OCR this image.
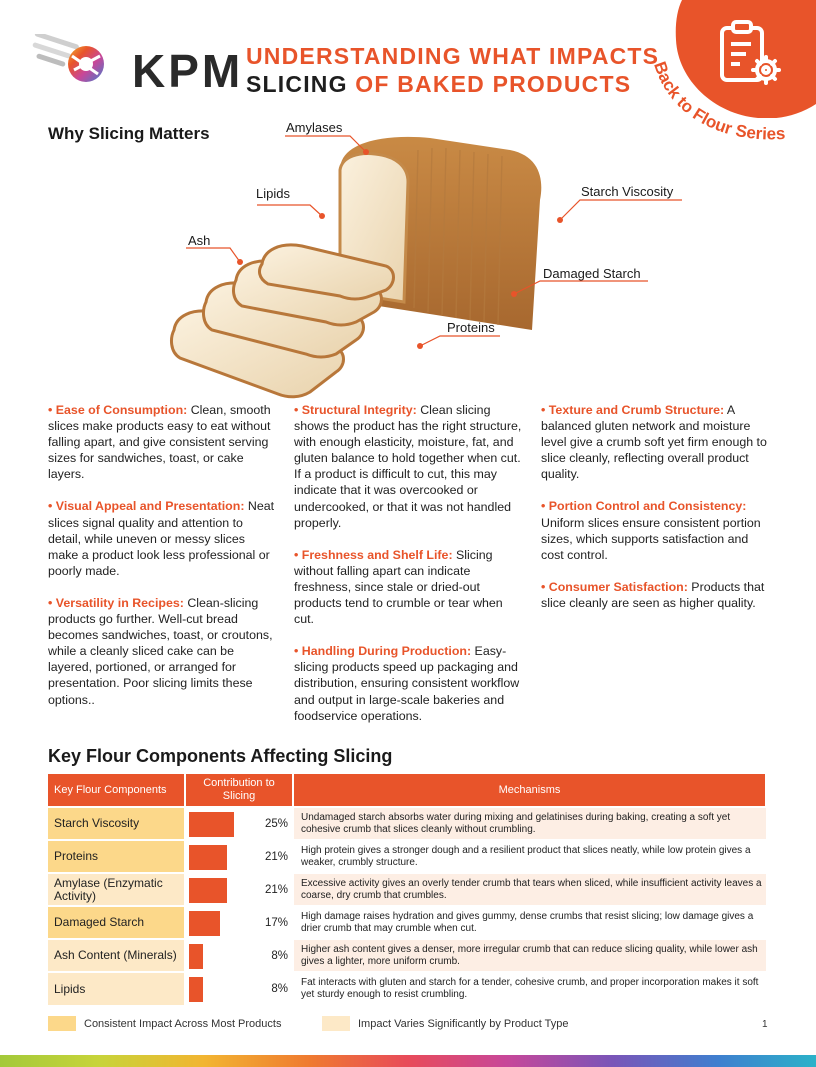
KPM UNDERSTANDING WHAT IMPACTS
SLICING OF BAKED PRODUCTS
Back to Flour Series
Why Slicing Matters	Amylases
Lipids
Ash
Starch Viscosity
Damaged Starch
Proteins

• Ease of Consumption: Clean, smooth slices make products easy to eat without falling apart, and give consistent serving sizes for sandwiches, toast, or cake layers.

• Visual Appeal and Presentation: Neat slices signal quality and attention to detail, while uneven or messy slices make a product look less professional or poorly made.

• Versatility in Recipes: Clean-slicing products go further. Well-cut bread becomes sandwiches, toast, or croutons, while a cleanly sliced cake can be layered, portioned, or arranged for presentation. Poor slicing limits these options..

• Structural Integrity: Clean slicing shows the product has the right structure, with enough elasticity, moisture, fat, and gluten balance to hold together when cut. If a product is difficult to cut, this may indicate that it was overcooked or undercooked, or that it was not handled properly.

• Freshness and Shelf Life: Slicing without falling apart can indicate freshness, since stale or dried-out products tend to crumble or tear when cut.

• Handling During Production: Easy-slicing products speed up packaging and distribution, ensuring consistent workflow and output in large-scale bakeries and foodservice operations.

• Texture and Crumb Structure: A balanced gluten network and moisture level give a crumb soft yet firm enough to slice cleanly, reflecting overall product quality.

• Portion Control and Consistency: Uniform slices ensure consistent portion sizes, which supports satisfaction and cost control.

• Consumer Satisfaction: Products that slice cleanly are seen as higher quality.

Key Flour Components Affecting Slicing
Key Flour Components	Contribution to Slicing	Mechanisms
Starch Viscosity	25%	Undamaged starch absorbs water during mixing and gelatinises during baking, creating a soft yet cohesive crumb that slices cleanly without crumbling.
Proteins	21%	High protein gives a stronger dough and a resilient product that slices neatly, while low protein gives a weaker, crumbly structure.
Amylase (Enzymatic Activity)	21%	Excessive activity gives an overly tender crumb that tears when sliced, while insufficient activity leaves a coarse, dry crumb that crumbles.
Damaged Starch	17%	High damage raises hydration and gives gummy, dense crumbs that resist slicing; low damage gives a drier crumb that may crumble when cut.
Ash Content (Minerals)	8%	Higher ash content gives a denser, more irregular crumb that can reduce slicing quality, while lower ash gives a lighter, more uniform crumb.
Lipids	8%	Fat interacts with gluten and starch for a tender, cohesive crumb, and proper incorporation makes it soft yet sturdy enough to resist crumbling.
Consistent Impact Across Most Products	Impact Varies Significantly by Product Type	1
